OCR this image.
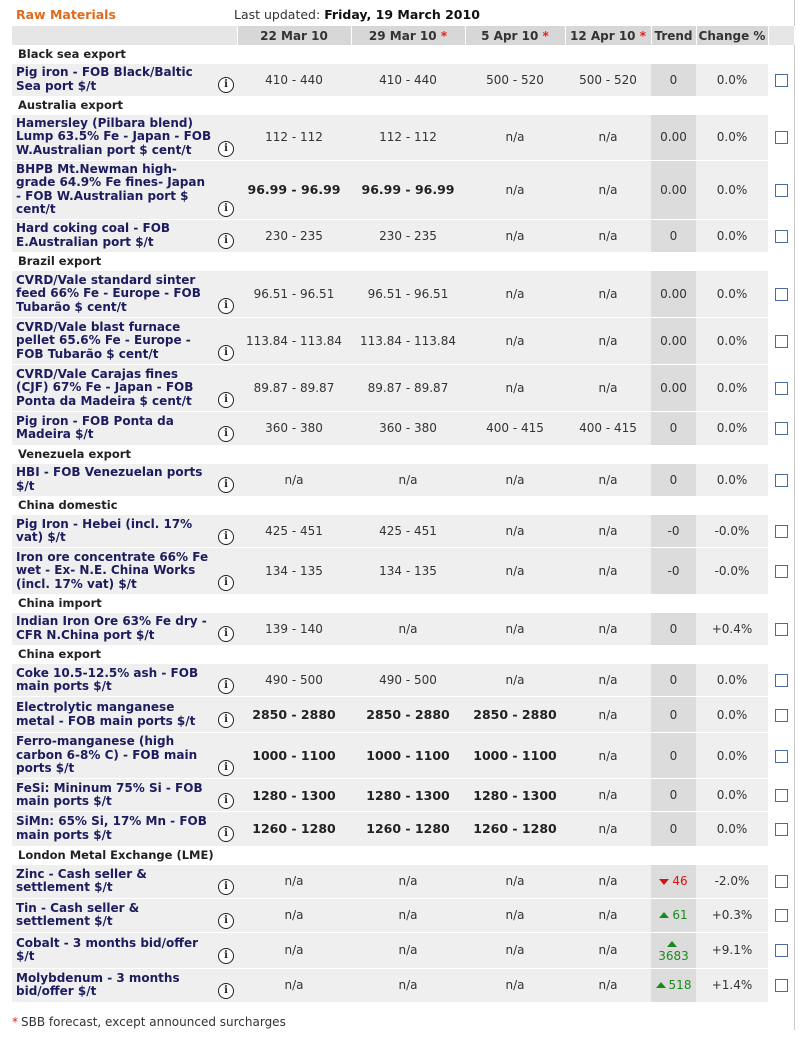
Raw Materials	Last updated: Friday, 19 March 2010
	22 Mar 10	29 Mar 10 *	5 Apr 10 *	12 Apr 10 *	Trend	Change %	
Black sea export							

Pig iron - FOB Black/Baltic Sea port $/t i	410 - 440	410 - 440	500 - 520	500 - 520	0	0.0%	
Australia export							

Hamersley (Pilbara blend) Lump 63.5% Fe - Japan - FOB W.Australian port $ cent/t i	112 - 112	112 - 112	n/a	n/a	0.00	0.0%	

BHPB Mt.Newman high-grade 64.9% Fe fines- Japan - FOB W.Australian port $ cent/t i	96.99 - 96.99	96.99 - 96.99	n/a	n/a	0.00	0.0%	

Hard coking coal - FOB E.Australian port $/t i	230 - 235	230 - 235	n/a	n/a	0	0.0%	
Brazil export							

CVRD/Vale standard sinter feed 66% Fe - Europe - FOB Tubarão $ cent/t i	96.51 - 96.51	96.51 - 96.51	n/a	n/a	0.00	0.0%	

CVRD/Vale blast furnace pellet 65.6% Fe - Europe - FOB Tubarão $ cent/t i	113.84 - 113.84	113.84 - 113.84	n/a	n/a	0.00	0.0%	

CVRD/Vale Carajas fines (CJF) 67% Fe - Japan - FOB Ponta da Madeira $ cent/t i	89.87 - 89.87	89.87 - 89.87	n/a	n/a	0.00	0.0%	

Pig iron - FOB Ponta da Madeira $/t i	360 - 380	360 - 380	400 - 415	400 - 415	0	0.0%	
Venezuela export							

HBI - FOB Venezuelan ports $/t i	n/a	n/a	n/a	n/a	0	0.0%	
China domestic							

Pig Iron - Hebei (incl. 17% vat) $/t i	425 - 451	425 - 451	n/a	n/a	-0	-0.0%	

Iron ore concentrate 66% Fe wet - Ex- N.E. China Works (incl. 17% vat) $/t i	134 - 135	134 - 135	n/a	n/a	-0	-0.0%	
China import							

Indian Iron Ore 63% Fe dry - CFR N.China port $/t i	139 - 140	n/a	n/a	n/a	0	+0.4%	
China export							

Coke 10.5-12.5% ash - FOB main ports $/t i	490 - 500	490 - 500	n/a	n/a	0	0.0%	

Electrolytic manganese metal - FOB main ports $/t i	2850 - 2880	2850 - 2880	2850 - 2880	n/a	0	0.0%	

Ferro-manganese (high carbon 6-8% C) - FOB main ports $/t i	1000 - 1100	1000 - 1100	1000 - 1100	n/a	0	0.0%	

FeSi: Mininum 75% Si - FOB main ports $/t i	1280 - 1300	1280 - 1300	1280 - 1300	n/a	0	0.0%	

SiMn: 65% Si, 17% Mn - FOB main ports $/t i	1260 - 1280	1260 - 1280	1260 - 1280	n/a	0	0.0%	
London Metal Exchange (LME)							

Zinc - Cash seller & settlement $/t i	n/a	n/a	n/a	n/a	46	-2.0%	

Tin - Cash seller & settlement $/t i	n/a	n/a	n/a	n/a	61	+0.3%	

Cobalt - 3 months bid/offer $/t i	n/a	n/a	n/a	n/a	3683	+9.1%	

Molybdenum - 3 months bid/offer $/t i	n/a	n/a	n/a	n/a	518	+1.4%	
* SBB forecast, except announced surcharges
